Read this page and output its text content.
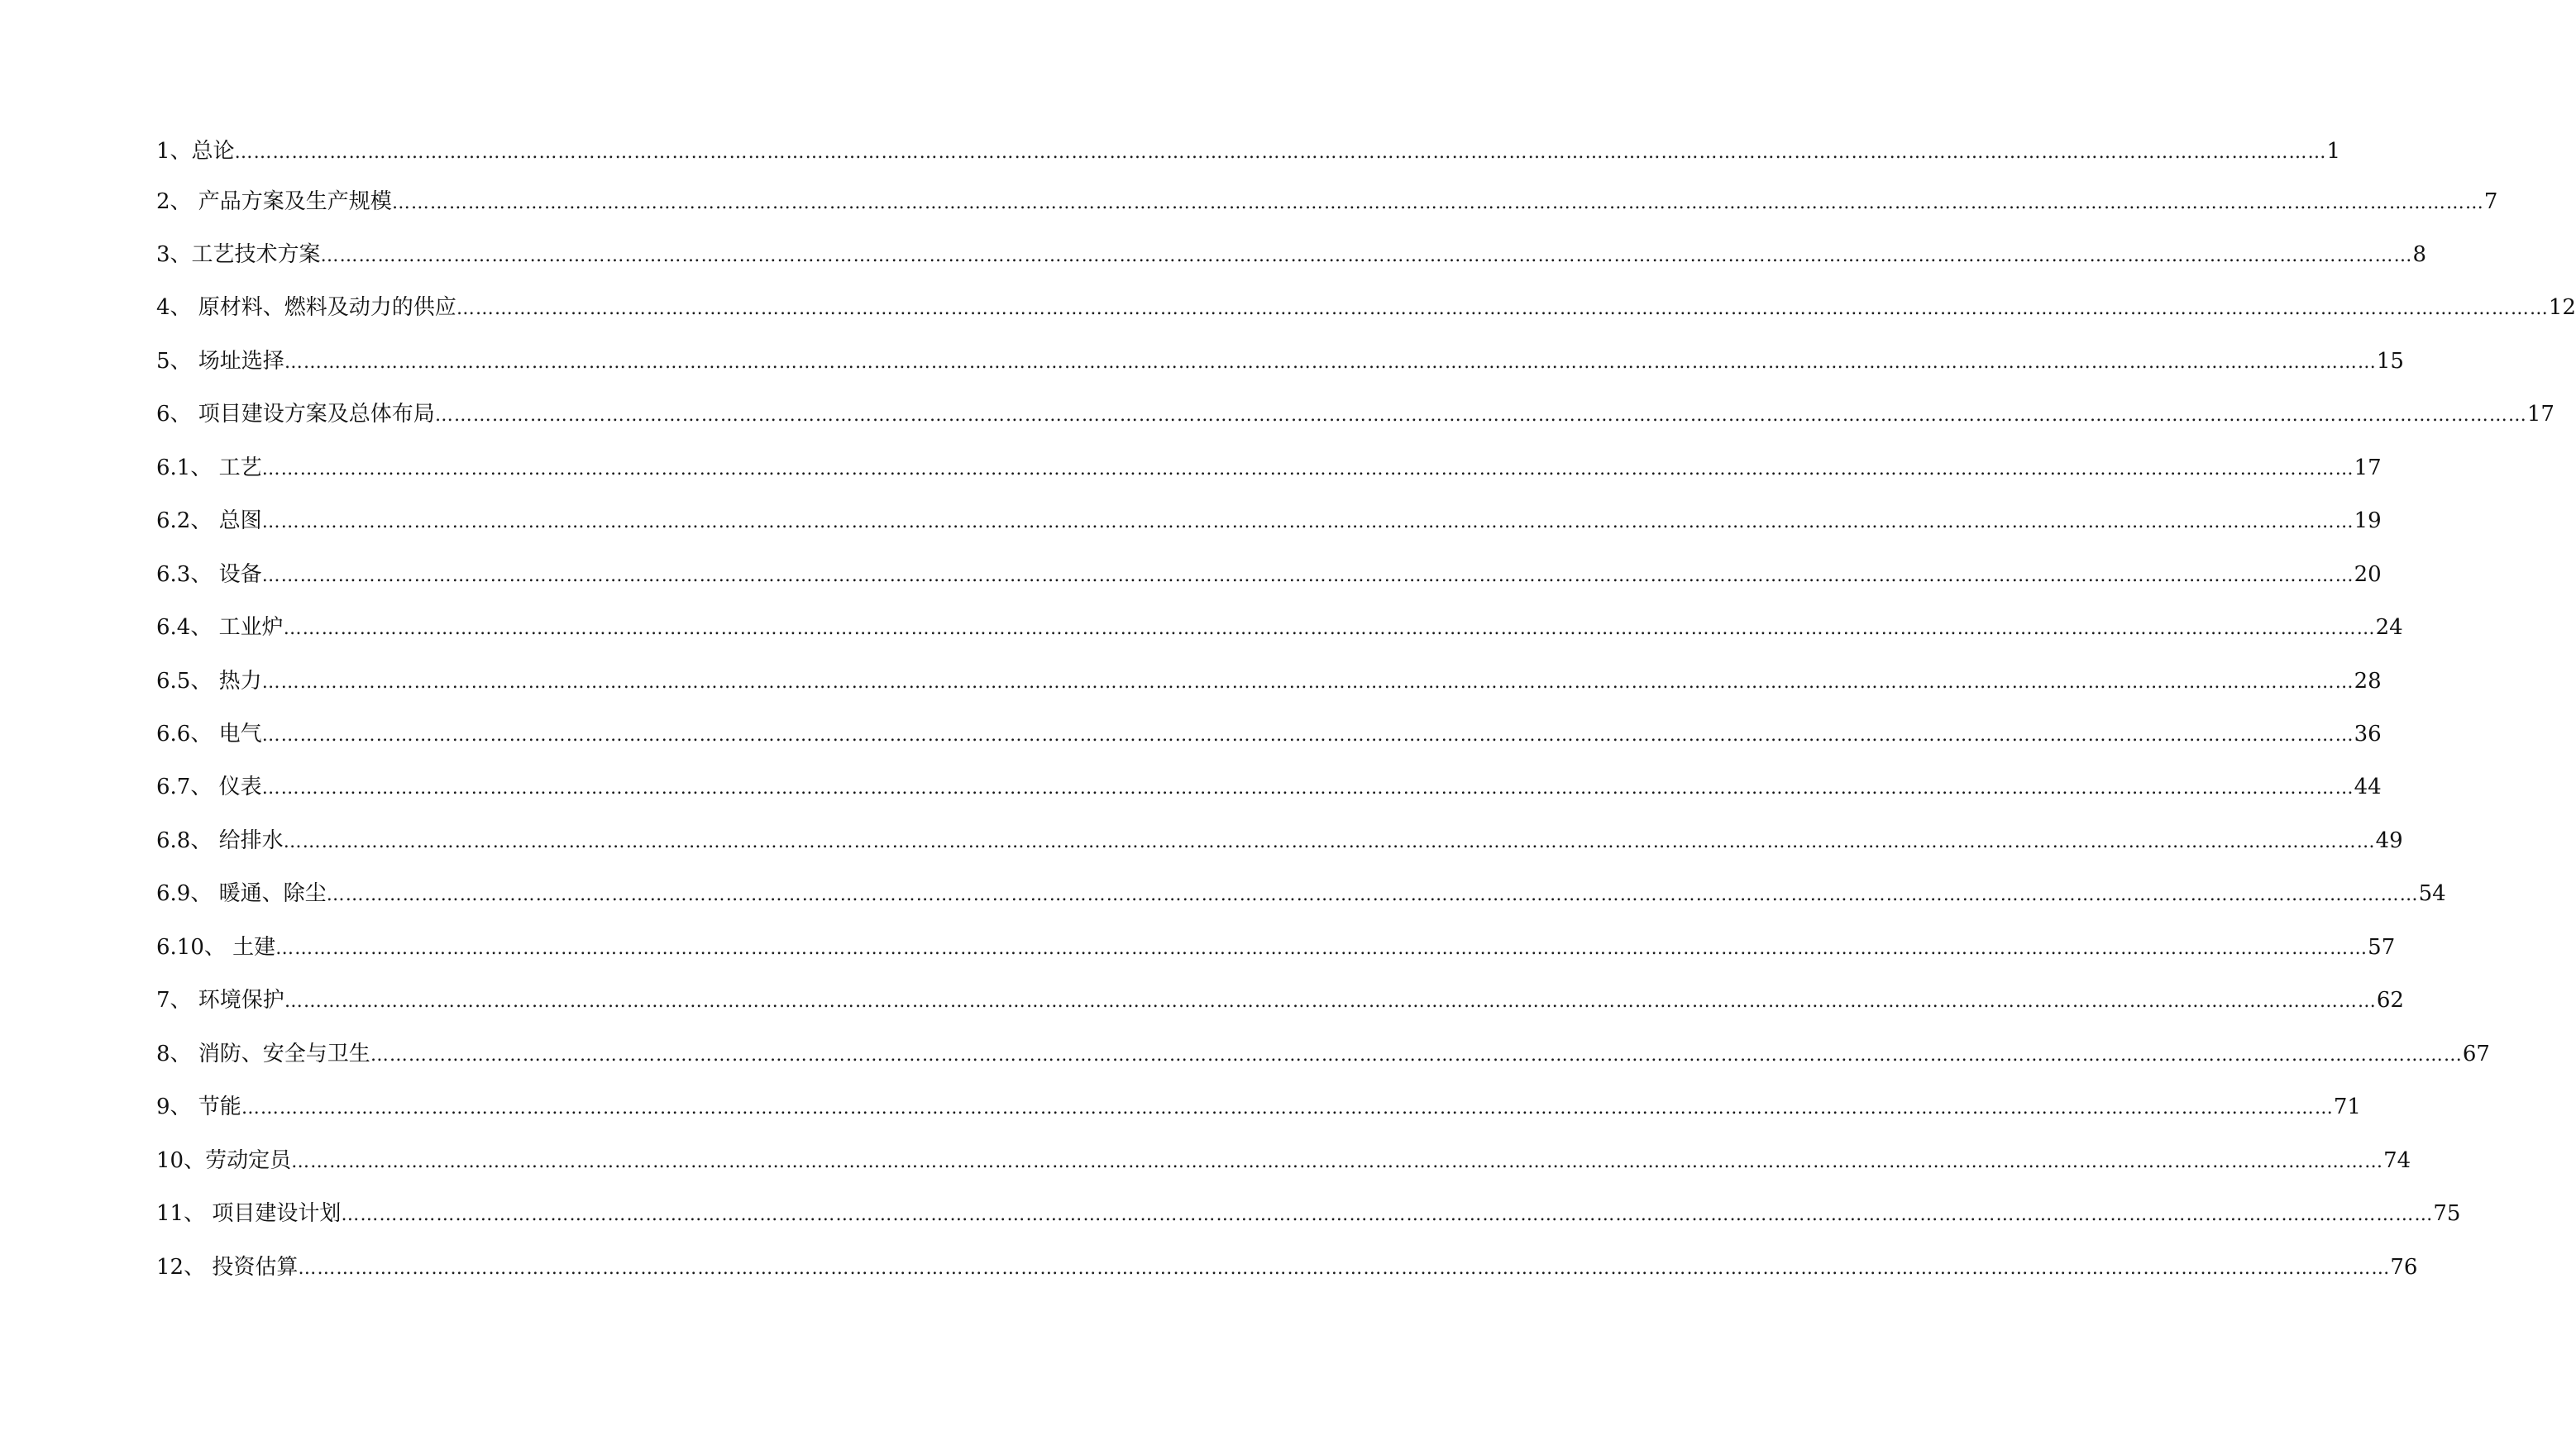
1、总论 …………………………………………………………………………………………………………………………………………………………………………………………………………………………………………………………………………………………………… 1
2、 产品方案及生产规模 …………………………………………………………………………………………………………………………………………………………………………………………………………………………………………………………………………………………………… 7
3、工艺技术方案 …………………………………………………………………………………………………………………………………………………………………………………………………………………………………………………………………………………………………… 8
4、 原材料、燃料及动力的供应 …………………………………………………………………………………………………………………………………………………………………………………………………………………………………………………………………………………………………… 12
5、 场址选择 …………………………………………………………………………………………………………………………………………………………………………………………………………………………………………………………………………………………………… 15
6、 项目建设方案及总体布局 …………………………………………………………………………………………………………………………………………………………………………………………………………………………………………………………………………………………………… 17
6.1、 工艺 …………………………………………………………………………………………………………………………………………………………………………………………………………………………………………………………………………………………………… 17
6.2、 总图 …………………………………………………………………………………………………………………………………………………………………………………………………………………………………………………………………………………………………… 19
6.3、 设备 …………………………………………………………………………………………………………………………………………………………………………………………………………………………………………………………………………………………………… 20
6.4、 工业炉 …………………………………………………………………………………………………………………………………………………………………………………………………………………………………………………………………………………………………… 24
6.5、 热力 …………………………………………………………………………………………………………………………………………………………………………………………………………………………………………………………………………………………………… 28
6.6、 电气 …………………………………………………………………………………………………………………………………………………………………………………………………………………………………………………………………………………………………… 36
6.7、 仪表 …………………………………………………………………………………………………………………………………………………………………………………………………………………………………………………………………………………………………… 44
6.8、 给排水 …………………………………………………………………………………………………………………………………………………………………………………………………………………………………………………………………………………………………… 49
6.9、 暖通、除尘 …………………………………………………………………………………………………………………………………………………………………………………………………………………………………………………………………………………………………… 54
6.10、 土建 …………………………………………………………………………………………………………………………………………………………………………………………………………………………………………………………………………………………………… 57
7、 环境保护 …………………………………………………………………………………………………………………………………………………………………………………………………………………………………………………………………………………………………… 62
8、 消防、安全与卫生 …………………………………………………………………………………………………………………………………………………………………………………………………………………………………………………………………………………………………… 67
9、 节能 …………………………………………………………………………………………………………………………………………………………………………………………………………………………………………………………………………………………………… 71
10、劳动定员 …………………………………………………………………………………………………………………………………………………………………………………………………………………………………………………………………………………………………… 74
11、 项目建设计划 …………………………………………………………………………………………………………………………………………………………………………………………………………………………………………………………………………………………………… 75
12、 投资估算 …………………………………………………………………………………………………………………………………………………………………………………………………………………………………………………………………………………………………… 76
